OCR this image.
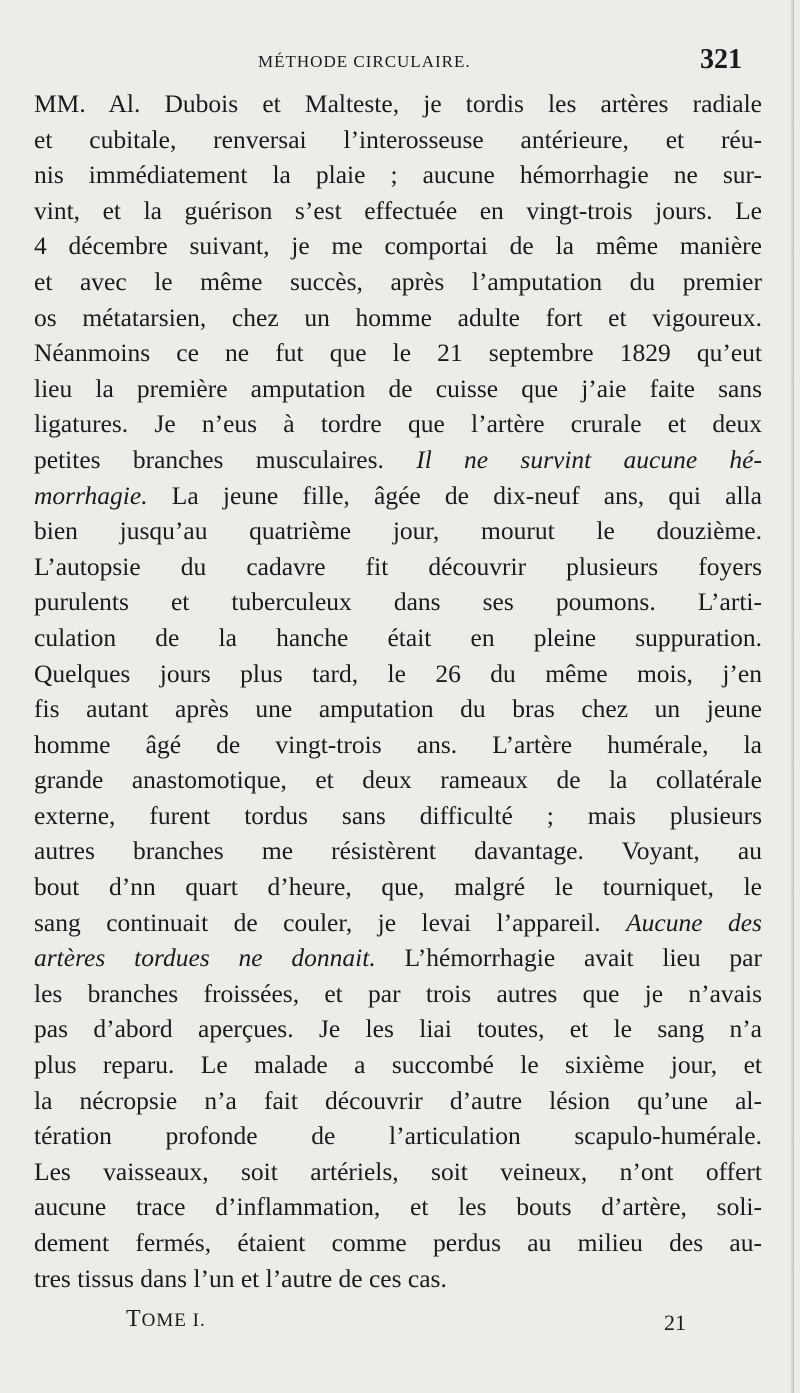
MÉTHODE CIRCULAIRE.	321
MM. Al. Dubois et Malteste, je tordis les artères radiale
et cubitale, renversai l’interosseuse antérieure, et réu-
nis immédiatement la plaie ; aucune hémorrhagie ne sur-
vint, et la guérison s’est effectuée en vingt-trois jours. Le
4 décembre suivant, je me comportai de la même manière
et avec le même succès, après l’amputation du premier
os métatarsien, chez un homme adulte fort et vigoureux.
Néanmoins ce ne fut que le 21 septembre 1829 qu’eut
lieu la première amputation de cuisse que j’aie faite sans
ligatures. Je n’eus à tordre que l’artère crurale et deux
petites branches musculaires. Il ne survint aucune hé-
morrhagie. La jeune fille, âgée de dix-neuf ans, qui alla
bien jusqu’au quatrième jour, mourut le douzième.
L’autopsie du cadavre fit découvrir plusieurs foyers
purulents et tuberculeux dans ses poumons. L’arti-
culation de la hanche était en pleine suppuration.
Quelques jours plus tard, le 26 du même mois, j’en
fis autant après une amputation du bras chez un jeune
homme âgé de vingt-trois ans. L’artère humérale, la
grande anastomotique, et deux rameaux de la collatérale
externe, furent tordus sans difficulté ; mais plusieurs
autres branches me résistèrent davantage. Voyant, au
bout d’nn quart d’heure, que, malgré le tourniquet, le
sang continuait de couler, je levai l’appareil. Aucune des
artères tordues ne donnait. L’hémorrhagie avait lieu par
les branches froissées, et par trois autres que je n’avais
pas d’abord aperçues. Je les liai toutes, et le sang n’a
plus reparu. Le malade a succombé le sixième jour, et
la nécropsie n’a fait découvrir d’autre lésion qu’une al-
tération profonde de l’articulation scapulo-humérale.
Les vaisseaux, soit artériels, soit veineux, n’ont offert
aucune trace d’inflammation, et les bouts d’artère, soli-
dement fermés, étaient comme perdus au milieu des au-
tres tissus dans l’un et l’autre de ces cas.
TOME I.	21
